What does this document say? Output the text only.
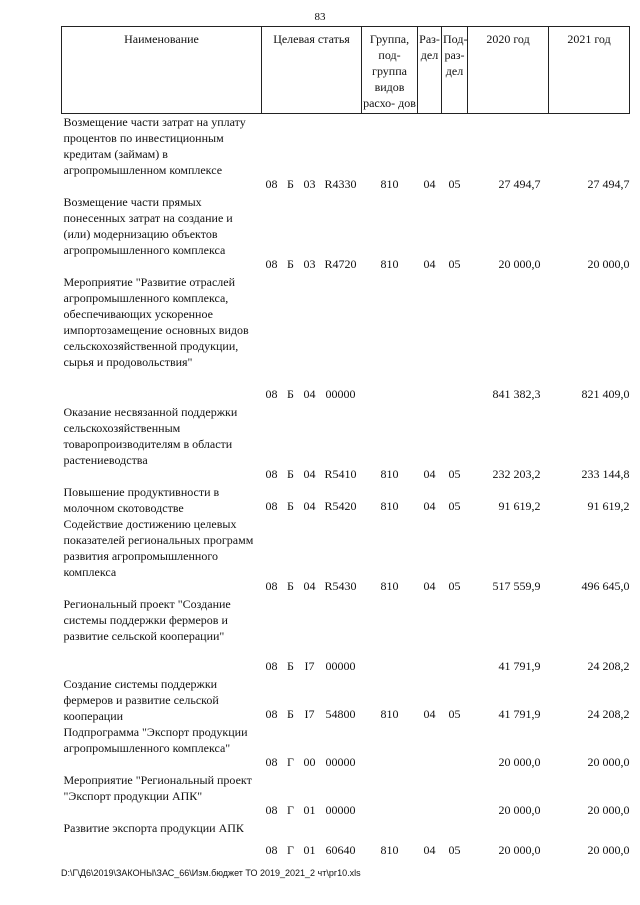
83
Наименование	Целевая статья				Группа, под- группа видов расхо- дов	Раз- дел	Под- раз- дел	2020 год	2021 год
Возмещение части затрат на уплату процентов по инвестиционным кредитам (займам) в агропромышленном комплексе	08	Б	03	R4330	810	04	05	27 494,7	27 494,7
Возмещение части прямых понесенных затрат на создание и (или) модернизацию объектов агропромышленного комплекса	08	Б	03	R4720	810	04	05	20 000,0	20 000,0
Мероприятие "Развитие отраслей агропромышленного комплекса, обеспечивающих ускоренное импортозамещение основных видов сельскохозяйственной продукции, сырья и продовольствия"	08	Б	04	00000				841 382,3	821 409,0
Оказание несвязанной поддержки сельскохозяйственным товаропроизводителям в области растениеводства	08	Б	04	R5410	810	04	05	232 203,2	233 144,8
Повышение продуктивности в молочном скотоводстве	08	Б	04	R5420	810	04	05	91 619,2	91 619,2
Содействие достижению целевых показателей региональных программ развития агропромышленного комплекса	08	Б	04	R5430	810	04	05	517 559,9	496 645,0
Региональный проект "Создание системы поддержки фермеров и развитие сельской кооперации"	08	Б	I7	00000				41 791,9	24 208,2
Создание системы поддержки фермеров и развитие сельской кооперации	08	Б	I7	54800	810	04	05	41 791,9	24 208,2
Подпрограмма "Экспорт продукции агропромышленного комплекса"	08	Г	00	00000				20 000,0	20 000,0
Мероприятие "Региональный проект "Экспорт продукции АПК"	08	Г	01	00000				20 000,0	20 000,0
Развитие экспорта продукции АПК	08	Г	01	60640	810	04	05	20 000,0	20 000,0
D:\Г\Д6\2019\ЗАКОНЫ\ЗАС_66\Изм.бюджет ТО 2019_2021_2 чт\рг10.xls
